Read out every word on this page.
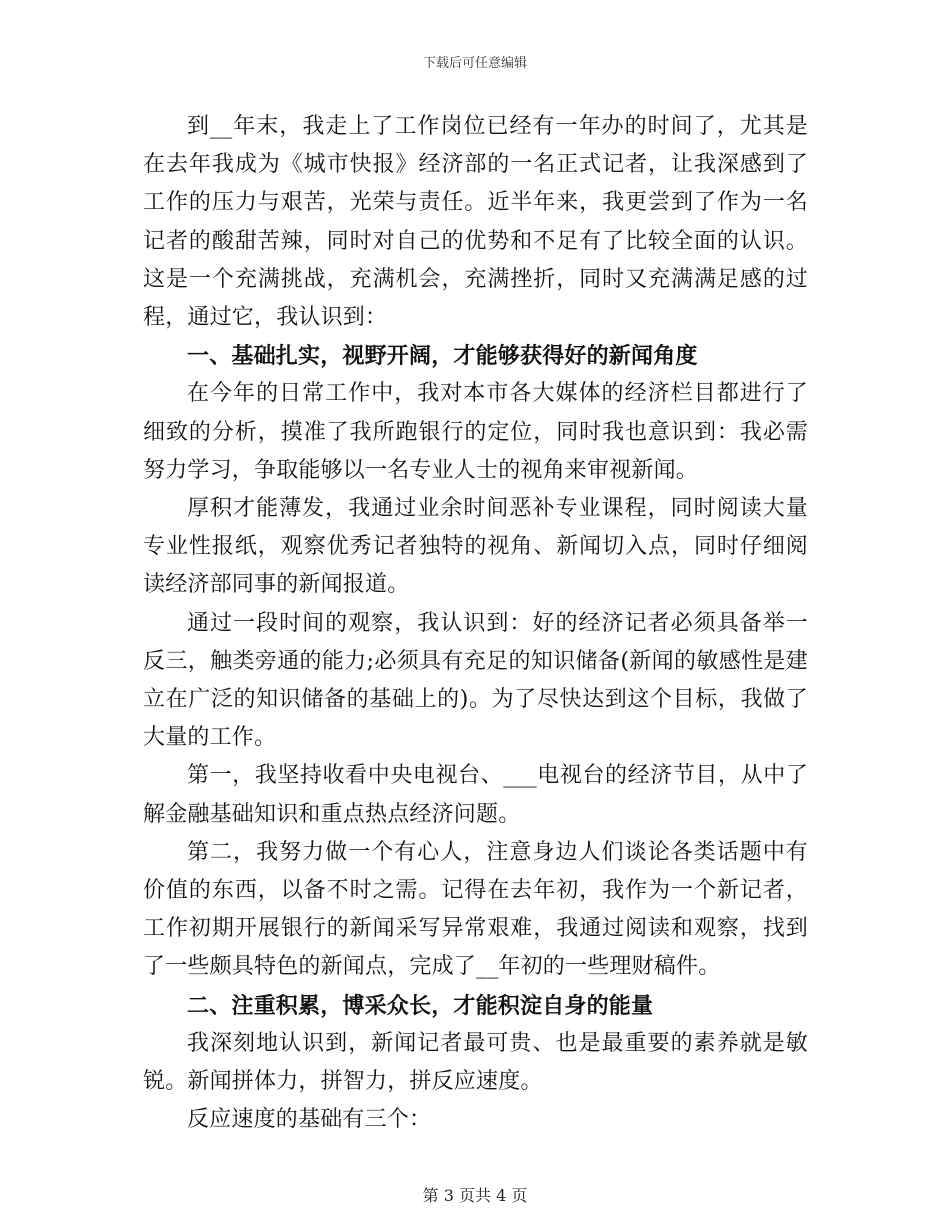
下载后可任意编辑

到__年末，我走上了工作岗位已经有一年办的时间了，尤其是在去年我成为《城市快报》经济部的一名正式记者，让我深感到了工作的压力与艰苦，光荣与责任。近半年来，我更尝到了作为一名记者的酸甜苦辣，同时对自己的优势和不足有了比较全面的认识。这是一个充满挑战，充满机会，充满挫折，同时又充满满足感的过程，通过它，我认识到：

一、基础扎实，视野开阔，才能够获得好的新闻角度

在今年的日常工作中，我对本市各大媒体的经济栏目都进行了细致的分析，摸准了我所跑银行的定位，同时我也意识到：我必需努力学习，争取能够以一名专业人士的视角来审视新闻。

厚积才能薄发，我通过业余时间恶补专业课程，同时阅读大量专业性报纸，观察优秀记者独特的视角、新闻切入点，同时仔细阅读经济部同事的新闻报道。

通过一段时间的观察，我认识到：好的经济记者必须具备举一反三，触类旁通的能力;必须具有充足的知识储备(新闻的敏感性是建立在广泛的知识储备的基础上的)。为了尽快达到这个目标，我做了大量的工作。

第一，我坚持收看中央电视台、___电视台的经济节目，从中了解金融基础知识和重点热点经济问题。

第二，我努力做一个有心人，注意身边人们谈论各类话题中有价值的东西，以备不时之需。记得在去年初，我作为一个新记者，工作初期开展银行的新闻采写异常艰难，我通过阅读和观察，找到了一些颇具特色的新闻点，完成了__年初的一些理财稿件。

二、注重积累，博采众长，才能积淀自身的能量

我深刻地认识到，新闻记者最可贵、也是最重要的素养就是敏锐。新闻拼体力，拼智力，拼反应速度。

反应速度的基础有三个：

第 3 页共 4 页
